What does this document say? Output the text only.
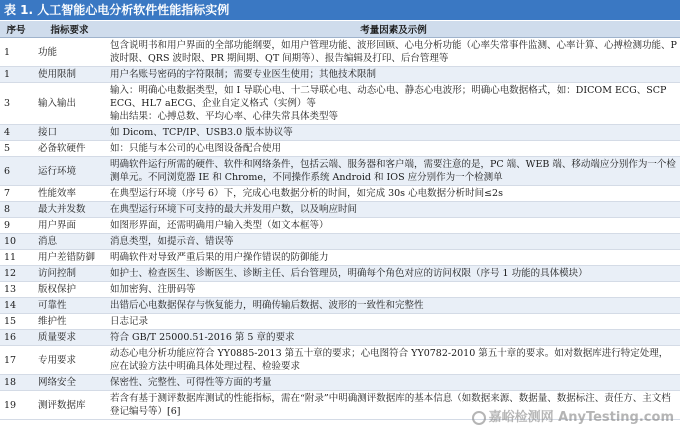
表 1. 人工智能心电分析软件性能指标实例
序号	指标要求	考量因素及示例
1	功能	包含说明书和用户界面的全部功能纲要，如用户管理功能、波形回顾、心电分析功能（心率失常事件监测、心率计算、心搏检测功能、P 波时限、QRS 波时限、PR 期间期、QT 间期等）、报告编辑及打印、后台管理等
1	使用限制	用户名账号密码的字符限制；需要专业医生使用；其他技术限制
3	输入输出	输入：明确心电数据类型，如 I 导联心电、十二导联心电、动态心电、静态心电波形；明确心电数据格式，如：DICOM ECG、SCP ECG、HL7 aECG、企业自定义格式（实例）等
输出结果：心搏总数、平均心率、心律失常具体类型等
4	接口	如 Dicom、TCP/IP、USB3.0 版本协议等
5	必备软硬件	如：只能与本公司的心电图设备配合使用
6	运行环境	明确软件运行所需的硬件、软件和网络条件，包括云端、服务器和客户端，需要注意的是，PC 端、WEB 端、移动端应分别作为一个检测单元。不同浏览器 IE 和 Chrome，不同操作系统 Android 和 IOS 应分别作为一个检测单
7	性能效率	在典型运行环境（序号 6）下，完成心电数据分析的时间，如完成 30s 心电数据分析时间≤2s
8	最大并发数	在典型运行环境下可支持的最大并发用户数，以及响应时间
9	用户界面	如图形界面，还需明确用户输入类型（如文本框等）
10	消息	消息类型，如提示音、错误等
11	用户差错防御	明确软件对导致严重后果的用户操作错误的防御能力
12	访问控制	如护士、检查医生、诊断医生、诊断主任、后台管理员，明确每个角色对应的访问权限（序号 1 功能的具体模块）
13	版权保护	如加密狗、注册码等
14	可靠性	出错后心电数据保存与恢复能力，明确传输后数据、波形的一致性和完整性
15	维护性	日志记录
16	质量要求	符合 GB/T 25000.51-2016 第 5 章的要求
17	专用要求	动态心电分析功能应符合 YY0885-2013 第五十章的要求；心电图符合 YY0782-2010 第五十章的要求。如对数据库进行特定处理，应在试验方法中明确具体处理过程、检验要求
18	网络安全	保密性、完整性、可得性等方面的考量
19	测评数据库	若含有基于测评数据库测试的性能指标，需在“附录”中明确测评数据库的基本信息（如数据来源、数据量、数据标注、责任方、主文档登记编号等）[6]	嘉峪检测网 AnyTesting.com
